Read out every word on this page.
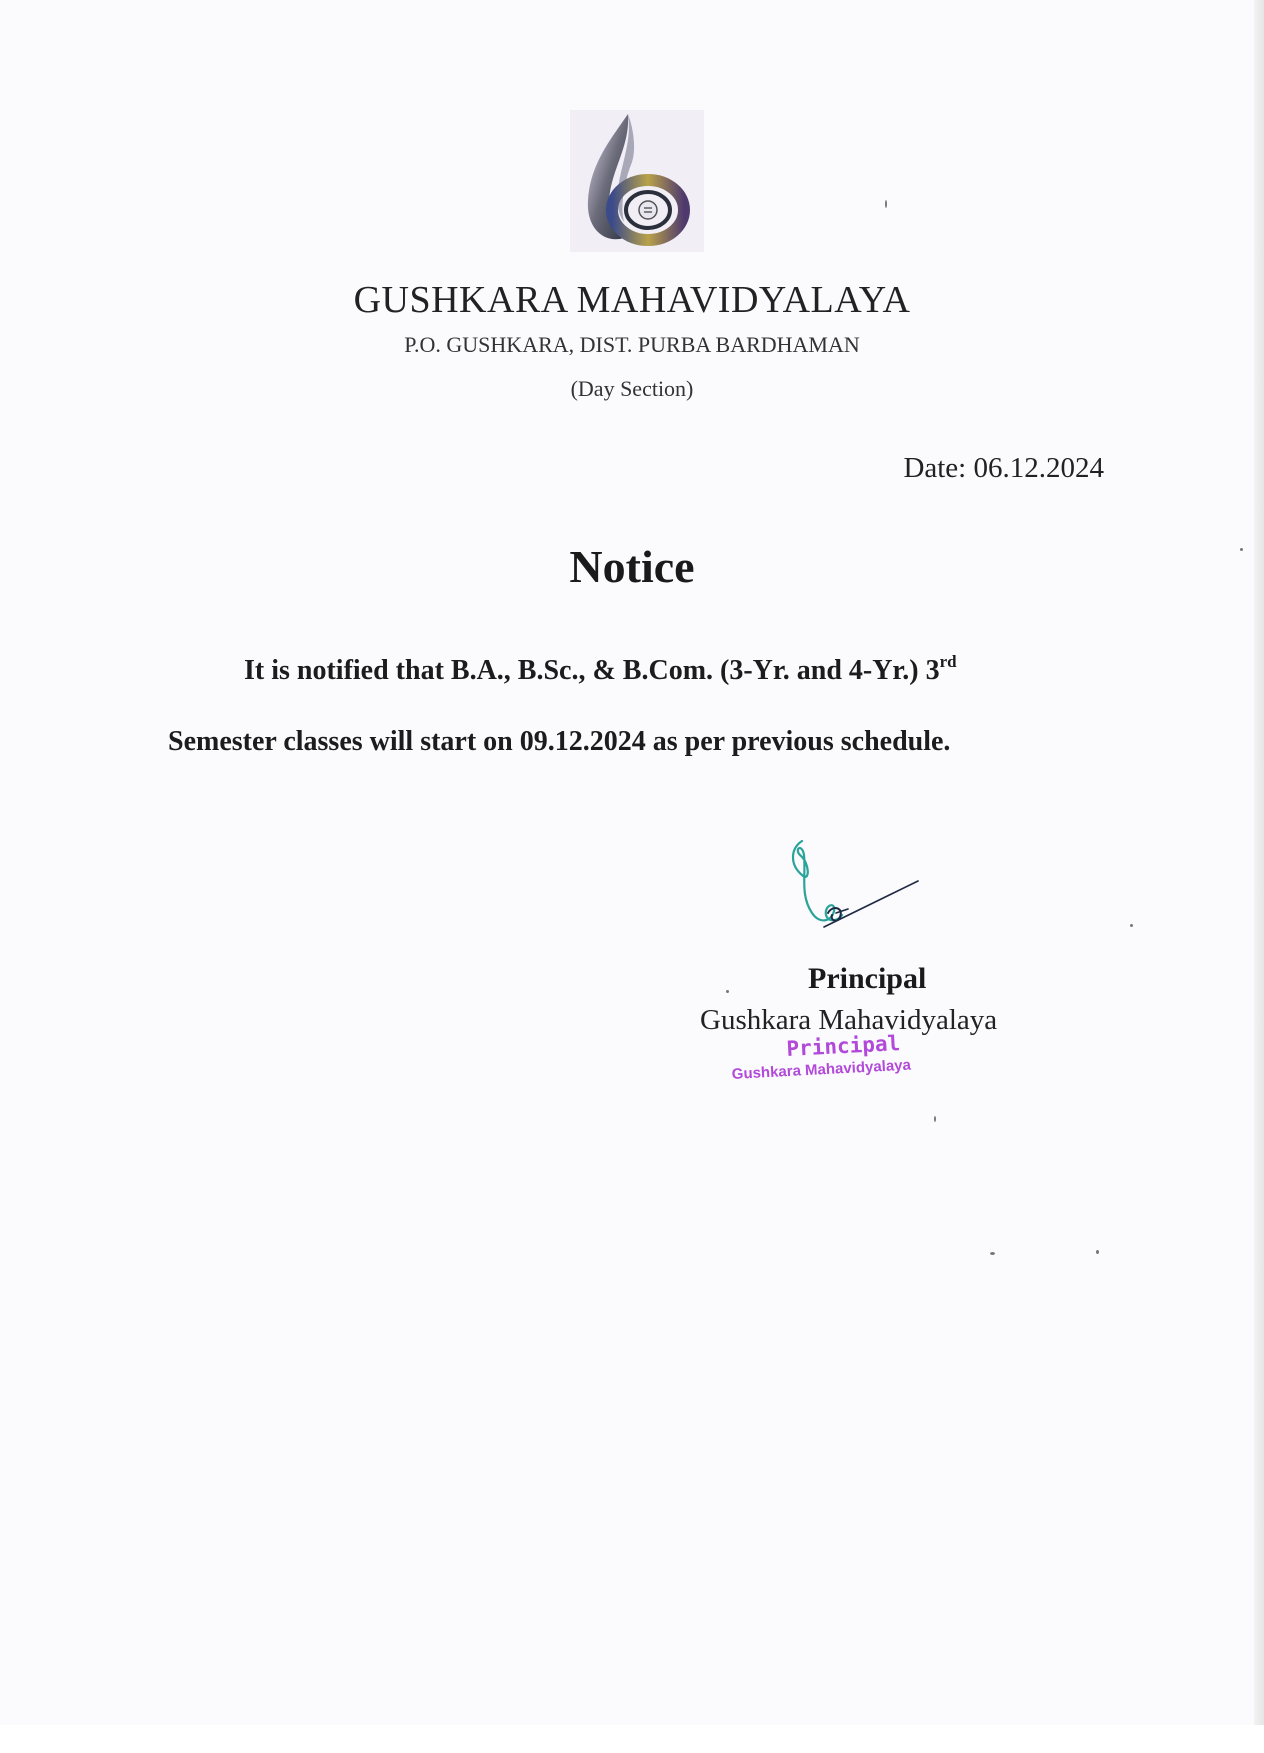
GUSHKARA MAHAVIDYALAYA
P.O. GUSHKARA, DIST. PURBA BARDHAMAN
(Day Section)
Date: 06.12.2024
Notice
It is notified that B.A., B.Sc., & B.Com. (3-Yr. and 4-Yr.) 3rd
Semester classes will start on 09.12.2024 as per previous schedule.
Principal
Gushkara Mahavidyalaya
Principal
Gushkara Mahavidyalaya
